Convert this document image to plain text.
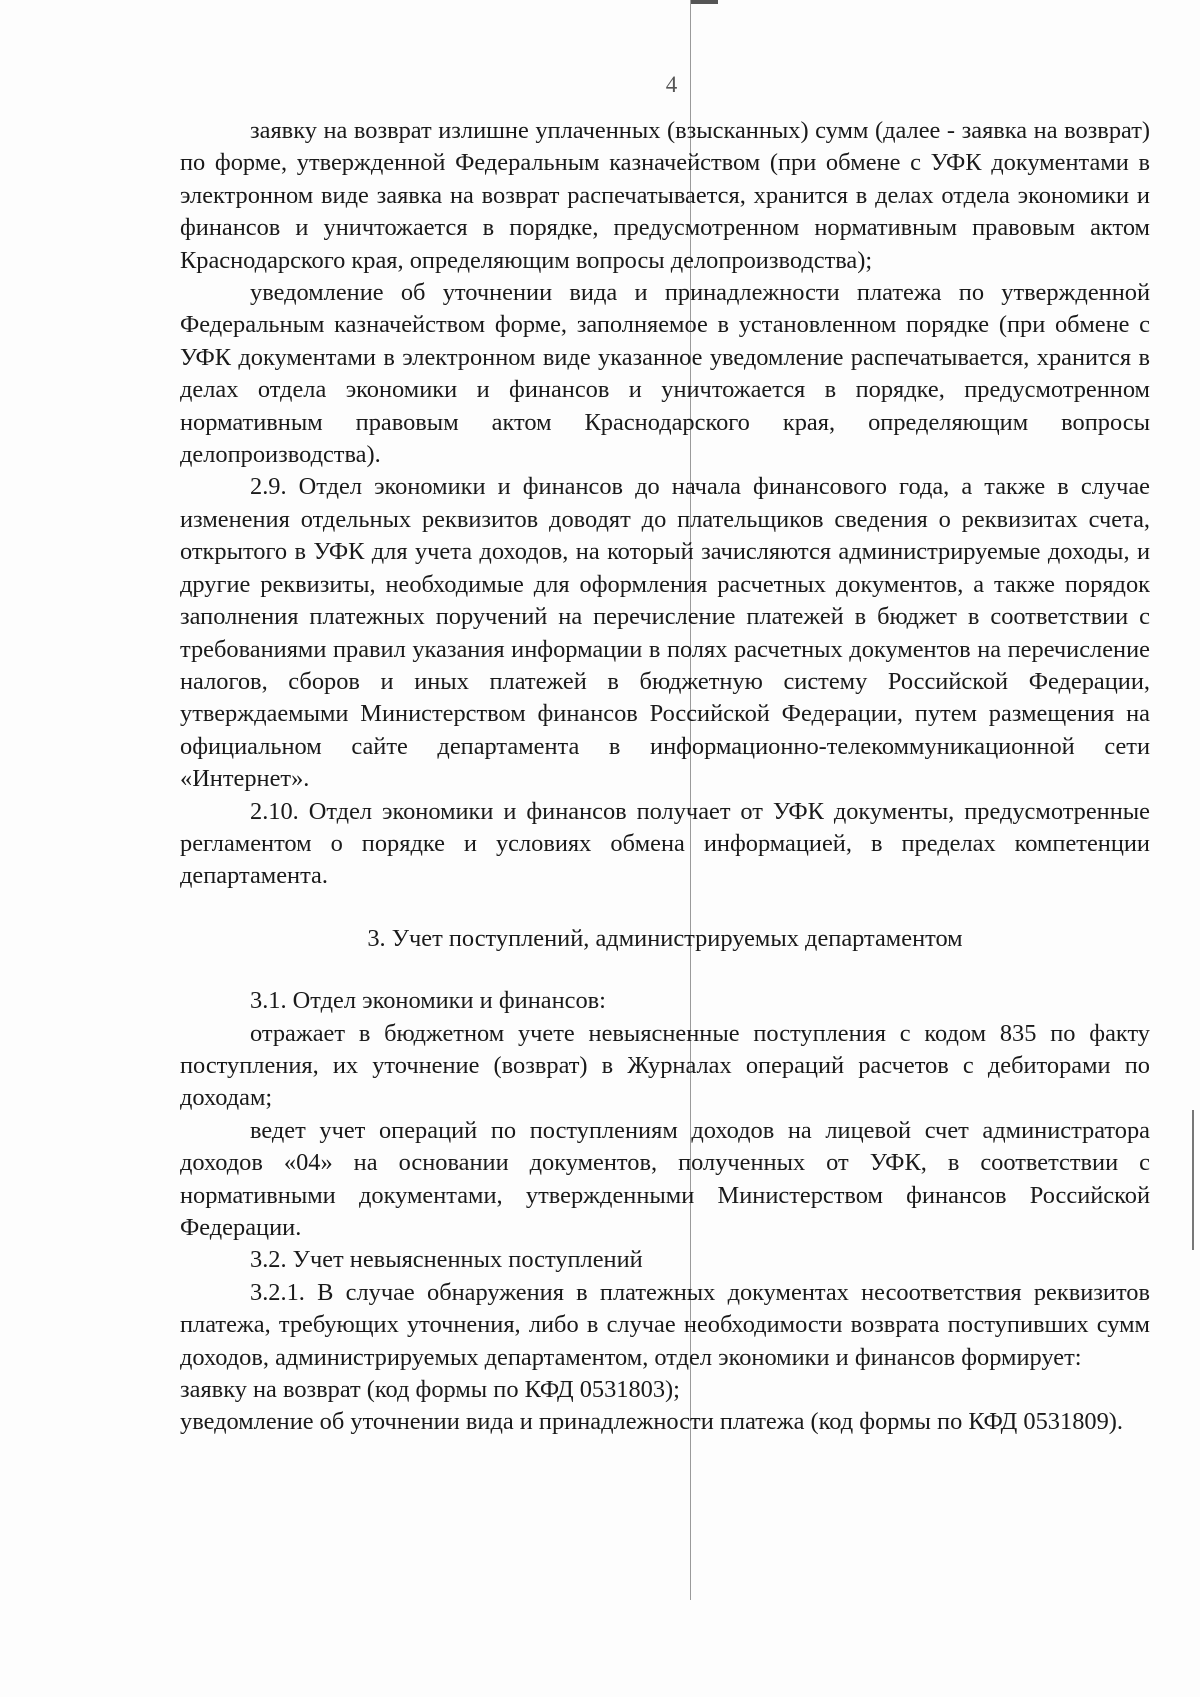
4

заявку на возврат излишне уплаченных (взысканных) сумм (далее - заявка на возврат) по форме, утвержденной Федеральным казначейством (при обмене с УФК документами в электронном виде заявка на возврат распечатывается, хранится в делах отдела экономики и финансов и уничтожается в порядке, предусмотренном нормативным правовым актом Краснодарского края, определяющим вопросы делопроизводства);

уведомление об уточнении вида и принадлежности платежа по утвержденной Федеральным казначейством форме, заполняемое в установленном порядке (при обмене с УФК документами в электронном виде указанное уведомление распечатывается, хранится в делах отдела экономики и финансов и уничтожается в порядке, предусмотренном нормативным правовым актом Краснодарского края, определяющим вопросы делопроизводства).

2.9. Отдел экономики и финансов до начала финансового года, а также в случае изменения отдельных реквизитов доводят до плательщиков сведения о реквизитах счета, открытого в УФК для учета доходов, на который зачисляются администрируемые доходы, и другие реквизиты, необходимые для оформления расчетных документов, а также порядок заполнения платежных поручений на перечисление платежей в бюджет в соответствии с требованиями правил указания информации в полях расчетных документов на перечисление налогов, сборов и иных платежей в бюджетную систему Российской Федерации, утверждаемыми Министерством финансов Российской Федерации, путем размещения на официальном сайте департамента в информационно-телекоммуникационной сети «Интернет».

2.10. Отдел экономики и финансов получает от УФК документы, предусмотренные регламентом о порядке и условиях обмена информацией, в пределах компетенции департамента.

3. Учет поступлений, администрируемых департаментом

3.1. Отдел экономики и финансов:

отражает в бюджетном учете невыясненные поступления с кодом 835 по факту поступления, их уточнение (возврат) в Журналах операций расчетов с дебиторами по доходам;

ведет учет операций по поступлениям доходов на лицевой счет администратора доходов «04» на основании документов, полученных от УФК, в соответствии с нормативными документами, утвержденными Министерством финансов Российской Федерации.

3.2. Учет невыясненных поступлений

3.2.1. В случае обнаружения в платежных документах несоответствия реквизитов платежа, требующих уточнения, либо в случае необходимости возврата поступивших сумм доходов, администрируемых департаментом, отдел экономики и финансов формирует:

заявку на возврат (код формы по КФД 0531803);

уведомление об уточнении вида и принадлежности платежа (код формы по КФД 0531809).
